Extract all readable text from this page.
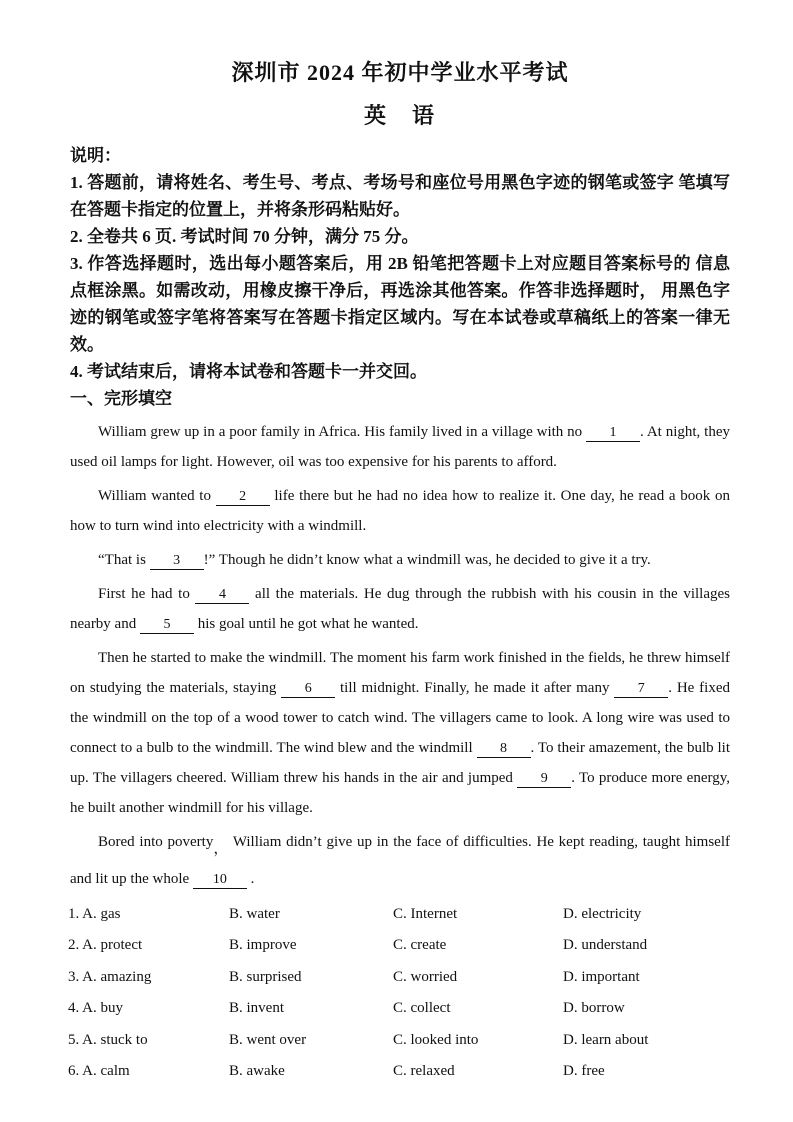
深圳市 2024 年初中学业水平考试
英　语
说明：
1. 答题前，请将姓名、考生号、考点、考场号和座位号用黑色字迹的钢笔或签字 笔填写在答题卡指定的位置上，并将条形码粘贴好。
2. 全卷共 6 页. 考试时间 70 分钟，满分 75 分。
3. 作答选择题时，选出每小题答案后，用 2B 铅笔把答题卡上对应题目答案标号的 信息点框涂黑。如需改动，用橡皮擦干净后，再选涂其他答案。作答非选择题时， 用黑色字迹的钢笔或签字笔将答案写在答题卡指定区域内。写在本试卷或草稿纸上的答案一律无效。
4. 考试结束后，请将本试卷和答题卡一并交回。
一、完形填空

William grew up in a poor family in Africa. His family lived in a village with no 1 . At night, they used oil lamps for light. However, oil was too expensive for his parents to afford.

William wanted to 2 life there but he had no idea how to realize it. One day, he read a book on how to turn wind into electricity with a windmill.

“That is 3 !” Though he didn’t know what a windmill was, he decided to give it a try.

First he had to 4 all the materials. He dug through the rubbish with his cousin in the villages nearby and 5 his goal until he got what he wanted.

Then he started to make the windmill. The moment his farm work finished in the fields, he threw himself on studying the materials, staying 6 till midnight. Finally, he made it after many 7 . He fixed the windmill on the top of a wood tower to catch wind. The villagers came to look. A long wire was used to connect to a bulb to the windmill. The wind blew and the windmill 8 . To their amazement, the bulb lit up. The villagers cheered. William threw his hands in the air and jumped 9 . To produce more energy, he built another windmill for his village.

Bored into poverty， William didn’t give up in the face of difficulties. He kept reading, taught himself and lit up the whole 10 .

1. A. gas	B. water	C. Internet	D. electricity
2. A. protect	B. improve	C. create	D. understand
3. A. amazing	B. surprised	C. worried	D. important
4. A. buy	B. invent	C. collect	D. borrow
5. A. stuck to	B. went over	C. looked into	D. learn about
6. A. calm	B. awake	C. relaxed	D. free
